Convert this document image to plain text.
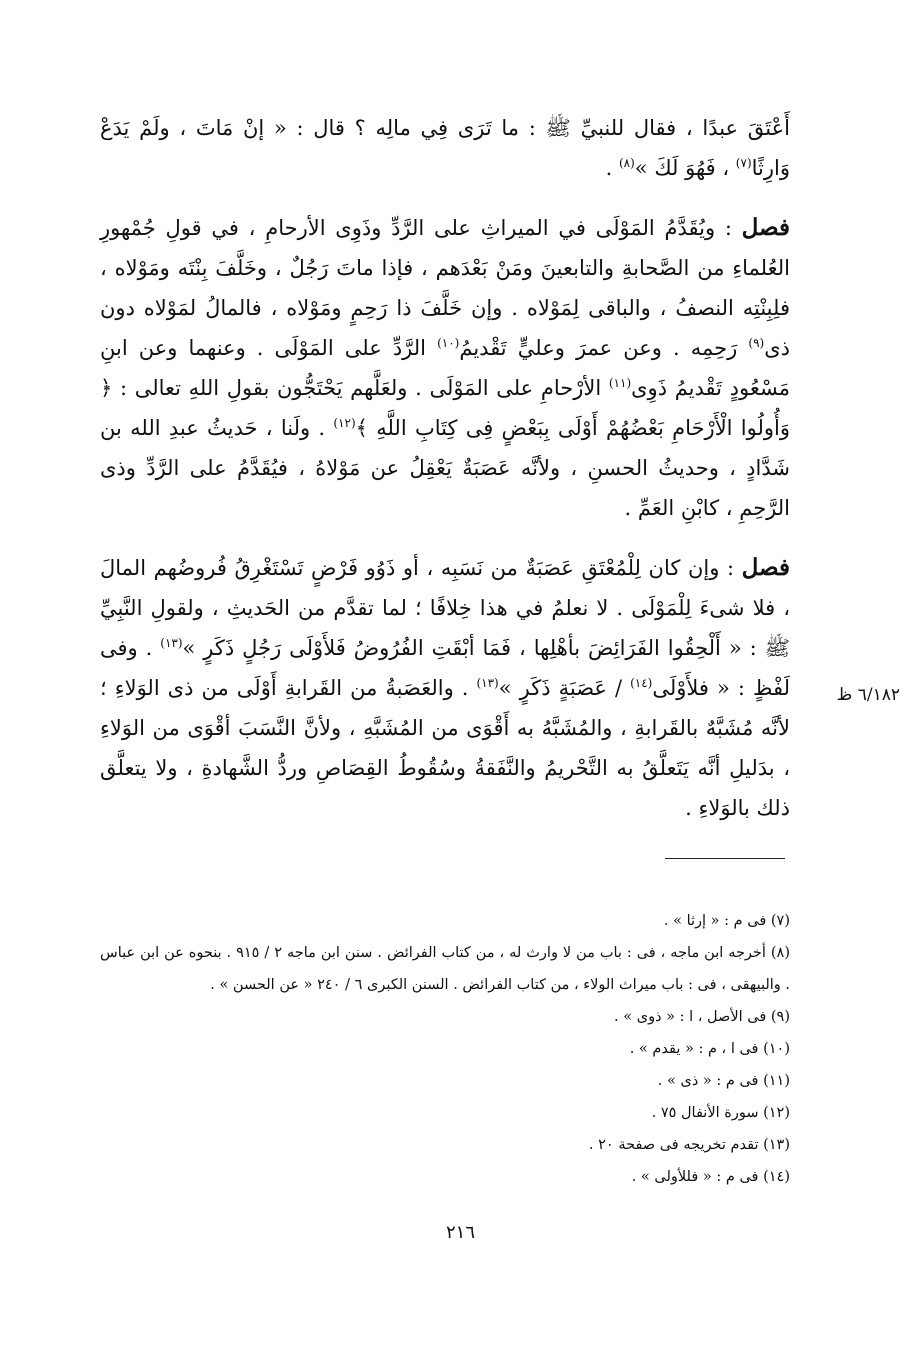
أَعْتَقَ عبدًا ، فقال للنبيِّ ﷺ : ما تَرَى فِي مالِه ؟ قال : « إنْ مَاتَ ، ولَمْ يَدَعْ وَارِثًا$^{(٧)}$ ، فَهُوَ لَكَ »$^{(٨)}$ .

فصل : ويُقَدَّمُ المَوْلَى في الميراثِ على الرَّدِّ وذَوِى الأرحامِ ، في قولِ جُمْهورِ العُلماءِ من الصَّحابةِ والتابعينَ ومَنْ بَعْدَهم ، فإذا ماتَ رَجُلٌ ، وخَلَّفَ بِنْتَه ومَوْلاه ، فلِبِنْتِه النصفُ ، والباقى لِمَوْلاه . وإن خَلَّفَ ذا رَحِمٍ ومَوْلاه ، فالمالُ لمَوْلاه دون ذى$^{(٩)}$ رَحِمِه . وعن عمرَ وعليٍّ تَقْديمُ$^{(١٠)}$ الرَّدِّ على المَوْلَى . وعنهما وعن ابنِ مَسْعُودٍ تَقْديمُ ذَوِى$^{(١١)}$ الأرْحامِ على المَوْلَى . ولعَلَّهم يَحْتَجُّون بقولِ اللهِ تعالى : ﴿ وَأُولُوا الْأَرْحَامِ بَعْضُهُمْ أَوْلَى بِبَعْضٍ فِى كِتَابِ اللَّهِ ﴾$^{(١٢)}$ . ولَنا ، حَديثُ عبدِ الله بن شَدَّادٍ ، وحديثُ الحسنِ ، ولأنَّه عَصَبَةٌ يَعْقِلُ عن مَوْلاهُ ، فيُقَدَّمُ على الرَّدِّ وذى الرَّحِمِ ، كابْنِ العَمِّ .

فصل : وإن كان لِلْمُعْتَقِ عَصَبَةٌ من نَسَبِه ، أو ذَوُو فَرْضٍ تَسْتَغْرِقُ فُروضُهم المالَ ، فلا شىءَ لِلْمَوْلَى . لا نعلمُ في هذا خِلافًا ؛ لما تقدَّم من الحَديثِ ، ولقولِ النَّبِيِّ ﷺ : « أَلْحِقُوا الفَرَائِضَ بأهْلِها ، فَمَا أبْقَتِ الفُرُوضُ فَلأَوْلَى رَجُلٍ ذَكَرٍ »$^{(١٣)}$ . وفى لَفْظٍ : « فلأَوْلَى$^{(١٤)}$ / عَصَبَةٍ ذَكَرٍ »$^{(١٣)}$ . والعَصَبةُ من القَرابةِ أَوْلَى من ذى الوَلاءِ ؛ لأنَّه مُشَبَّهٌ بالقَرابةِ ، والمُشَبَّهُ به أَقْوَى من المُشَبَّهِ ، ولأنَّ النَّسَبَ أقْوَى من الوَلاءِ ، بدَليلِ أنَّه يَتَعلَّقُ به التَّحْريمُ والنَّفَقةُ وسُقُوطُ القِصَاصِ وردُّ الشَّهادةِ ، ولا يتعلَّق ذلك بالوَلاءِ .

٦/١٨٢ ظ
(٧) فى م : « إرثا » .
(٨) أخرجه ابن ماجه ، فى : باب من لا وارث له ، من كتاب الفرائض . سنن ابن ماجه ٢ / ٩١٥ . بنحوه عن ابن عباس . والبيهقى ، فى : باب ميراث الولاء ، من كتاب الفرائض . السنن الكبرى ٦ / ٢٤٠ « عن الحسن » .
(٩) فى الأصل ، ا : « ذوى » .
(١٠) فى ا ، م : « يقدم » .
(١١) فى م : « ذى » .
(١٢) سورة الأنفال ٧٥ .
(١٣) تقدم تخريجه فى صفحة ٢٠ .
(١٤) فى م : « فللأولى » .
٢١٦
